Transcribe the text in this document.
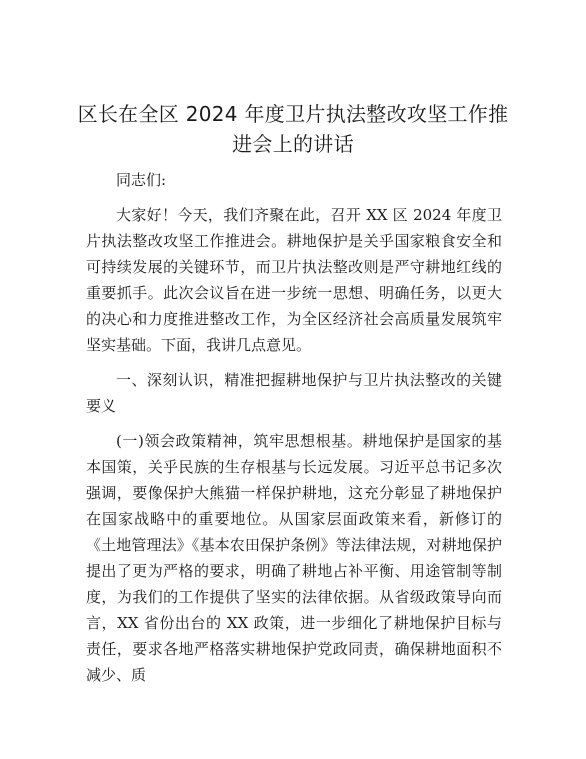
区长在全区 2024 年度卫片执法整改攻坚工作推
进会上的讲话

同志们:

大家好！今天，我们齐聚在此，召开 XX 区 2024 年度卫片执法整改攻坚工作推进会。耕地保护是关乎国家粮食安全和可持续发展的关键环节，而卫片执法整改则是严守耕地红线的重要抓手。此次会议旨在进一步统一思想、明确任务，以更大的决心和力度推进整改工作，为全区经济社会高质量发展筑牢坚实基础。下面，我讲几点意见。

一、深刻认识，精准把握耕地保护与卫片执法整改的关键要义

(一)领会政策精神，筑牢思想根基。耕地保护是国家的基本国策，关乎民族的生存根基与长远发展。习近平总书记多次强调，要像保护大熊猫一样保护耕地，这充分彰显了耕地保护在国家战略中的重要地位。从国家层面政策来看，新修订的《土地管理法》《基本农田保护条例》等法律法规，对耕地保护提出了更为严格的要求，明确了耕地占补平衡、用途管制等制度，为我们的工作提供了坚实的法律依据。从省级政策导向而言，XX 省份出台的 XX 政策，进一步细化了耕地保护目标与责任，要求各地严格落实耕地保护党政同责，确保耕地面积不减少、质
